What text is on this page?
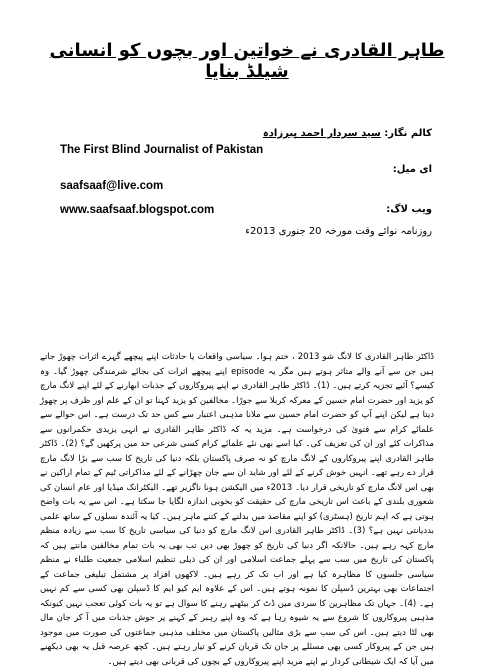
طاہر القادری نے خواتین اور بچوں کو انسانی شیلڈ بنایا
کالم نگار: سید سردار احمد پیرزادہ
The First Blind Journalist of Pakistan
ای میل:
saafsaaf@live.com
www.saafsaaf.blogspot.com	ویب لاگ:
روزنامہ نوائے وقت مورخہ 20 جنوری 2013ء

ڈاکٹر طاہر القادری کا لانگ شو 2013 ، ختم ہوا۔ سیاسی واقعات یا حادثات اپنے پیچھے گہرے اثرات چھوڑ جاتے ہیں جن سے آنے والے متاثر ہوتے ہیں مگر یہ episode اپنے پیچھے اثرات کی بجائے شرمندگی چھوڑ گیا۔ وہ کیسے؟ آئیے تجزیہ کرتے ہیں۔ (1)۔ ڈاکٹر طاہر القادری نے اپنے پیروکاروں کے جذبات ابھارنے کے لئے اپنے لانگ مارچ کو یزید اور حضرت امام حسین کے معرکہ کربلا سے جوڑا۔ مخالفین کو یزید کہنا تو ان کے علم اور ظرف پر چھوڑ دیتا ہے لیکن اپنے آپ کو حضرت امام حسین سے ملانا مذہبی اعتبار سے کس حد تک درست ہے۔ اس حوالے سے علمائے کرام سے فتویٰ کی درخواست ہے۔ مزید یہ کہ ڈاکٹر طاہر القادری نے انہی یزیدی حکمرانوں سے مذاکرات کئے اور ان کی تعریف کی۔ کیا اسے بھی نئے علمائے کرام کسی شرعی حد میں پرکھیں گے؟ (2)۔ ڈاکٹر طاہر القادری اپنے پیروکاروں کے لانگ مارچ کو نہ صرف پاکستان بلکہ دنیا کی تاریخ کا سب سے بڑا لانگ مارچ قرار دے رہے تھے۔ انہیں خوش کرنے کے لئے اور شاید ان سے جان چھڑانے کے لئے مذاکراتی ٹیم کے تمام اراکین نے بھی اس لانگ مارچ کو تاریخی قرار دیا۔ 2013ء میں الیکشن ہونا ناگزیر تھے۔ الیکٹرانک میڈیا اور عام انسان کی شعوری بلندی کے باعث اس تاریخی مارچ کی حقیقت کو بخوبی اندازہ لگایا جا سکتا ہے۔ اس سے یہ بات واضح ہوتی ہے کہ اہم تاریخ (ہسٹری) کو اپنے مقاصد میں بدلنے کے کتنے ماہر ہیں۔ کیا یہ آئندہ نسلوں کے ساتھ علمی بددیانتی نہیں ہے؟ (3)۔ ڈاکٹر طاہر القادری اس لانگ مارچ کو دنیا کی سیاسی تاریخ کا سب سے زیادہ منظم مارچ کہہ رہے ہیں۔ حالانکہ اگر دنیا کی تاریخ کو چھوڑ بھی دیں تب بھی یہ بات تمام مخالفین مانتے ہیں کہ پاکستان کی تاریخ میں سب سے پہلے جماعت اسلامی اور ان کی ذیلی تنظیم اسلامی جمعیت طلباء نے منظم سیاسی جلسوں کا مظاہرہ کیا ہے اور اب تک کر رہے ہیں۔ لاکھوں افراد پر مشتمل تبلیغی جماعت کے اجتماعات بھی بہترین ڈسپلن کا نمونہ ہوتے ہیں۔ اس کے علاوہ ایم کیو ایم کا ڈسپلن بھی کسی سے کم نہیں ہے۔ (4)۔ جہاں تک مظاہرین کا سردی میں ڈٹ کر بیٹھنے رہنے کا سوال ہے تو یہ بات کوئی تعجب نہیں کیونکہ مذہبی پیروکاروں کا شروع سے یہ شیوہ رہا ہے کہ وہ اپنے رہبر کے کہنے پر جوش جذبات میں آ کر جان مال بھی لٹا دیتے ہیں۔ اس کی سب سے بڑی مثالیں پاکستان میں مختلف مذہبی جماعتوں کی صورت میں موجود ہیں جن کے پیروکار کسی بھی مسئلے پر جان تک قربان کرنے کو تیار رہتے ہیں۔ کچھ عرصہ قبل یہ بھی دیکھنے میں آیا کہ ایک شیطانی کردار نے اپنے مرید اپنے پیروکاروں کے بچوں کی قربانی بھی دیتے ہیں۔
